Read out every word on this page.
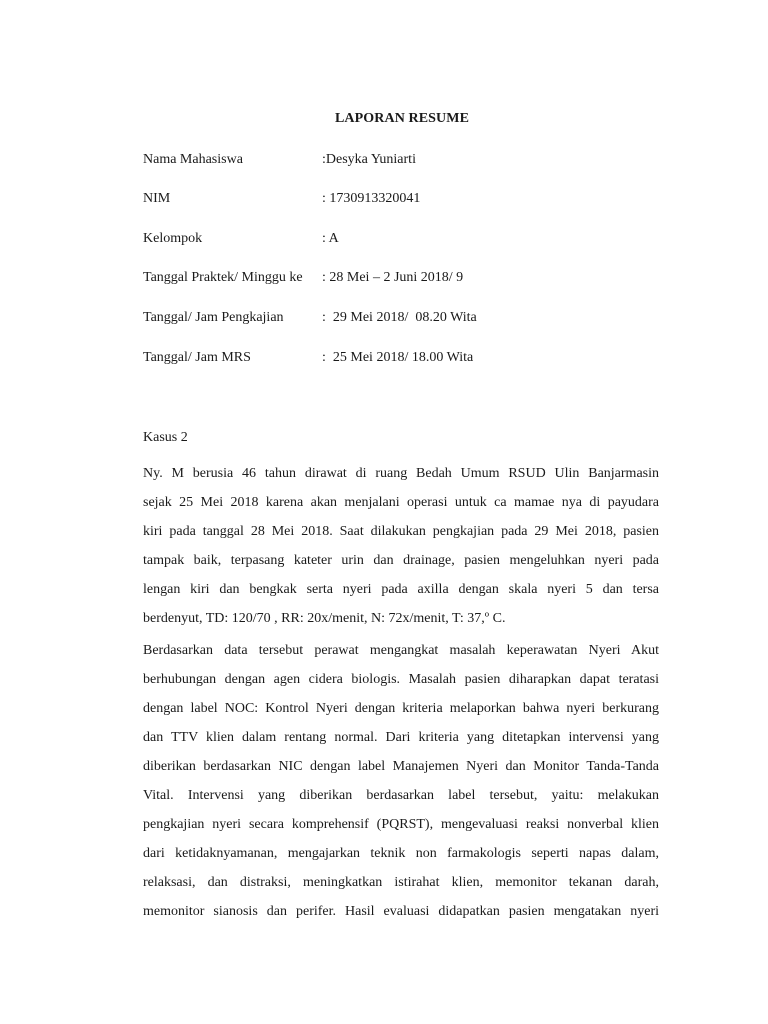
LAPORAN RESUME
Nama Mahasiswa	:Desyka Yuniarti
NIM	: 1730913320041
Kelompok	: A
Tanggal Praktek/ Minggu ke : 28 Mei – 2 Juni 2018/ 9
Tanggal/ Jam Pengkajian	:  29 Mei 2018/  08.20 Wita
Tanggal/ Jam MRS	:  25 Mei 2018/ 18.00 Wita
Kasus 2
Ny. M berusia 46 tahun dirawat di ruang Bedah Umum RSUD Ulin Banjarmasin
sejak 25 Mei 2018 karena akan menjalani operasi untuk ca mamae nya di payudara
kiri pada tanggal 28 Mei 2018. Saat dilakukan pengkajian pada 29 Mei 2018, pasien
tampak baik, terpasang kateter urin dan drainage, pasien mengeluhkan nyeri pada
lengan kiri dan bengkak serta nyeri pada axilla dengan skala nyeri 5 dan tersa
berdenyut, TD: 120/70 , RR: 20x/menit, N: 72x/menit, T: 37,º C.
Berdasarkan data tersebut perawat mengangkat masalah keperawatan Nyeri Akut
berhubungan dengan agen cidera biologis. Masalah pasien diharapkan dapat teratasi
dengan label NOC: Kontrol Nyeri dengan kriteria melaporkan bahwa nyeri berkurang
dan TTV klien dalam rentang normal. Dari kriteria yang ditetapkan intervensi yang
diberikan berdasarkan NIC dengan label Manajemen Nyeri dan Monitor Tanda-Tanda
Vital. Intervensi yang diberikan berdasarkan label tersebut, yaitu: melakukan
pengkajian nyeri secara komprehensif (PQRST), mengevaluasi reaksi nonverbal klien
dari ketidaknyamanan, mengajarkan teknik non farmakologis seperti napas dalam,
relaksasi, dan distraksi, meningkatkan istirahat klien, memonitor tekanan darah,
memonitor sianosis dan perifer. Hasil evaluasi didapatkan pasien mengatakan nyeri
